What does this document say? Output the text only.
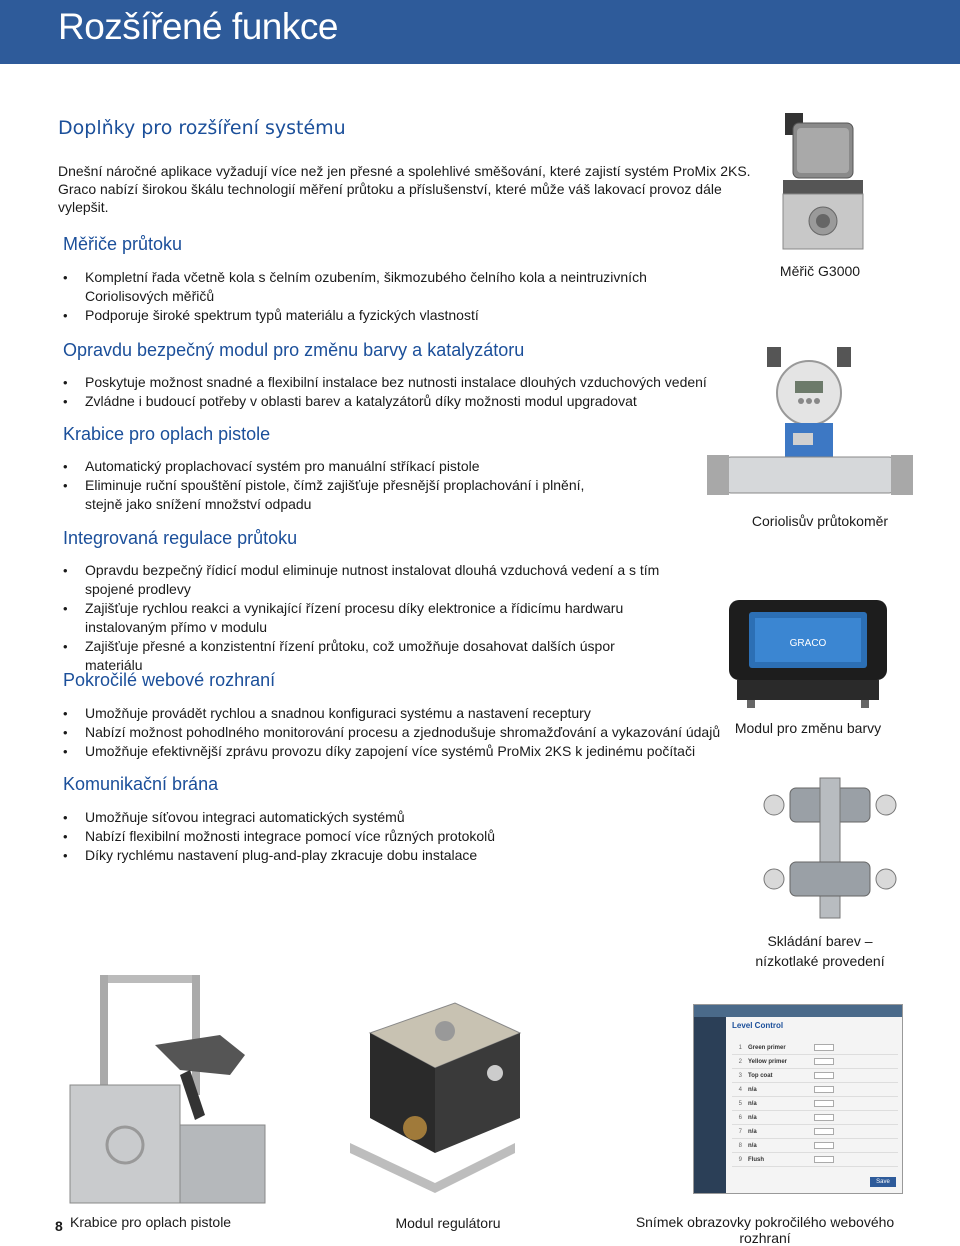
Rozšířené funkce
Doplňky pro rozšíření systému
Dnešní náročné aplikace vyžadují více než jen přesné a spolehlivé směšování, které zajistí systém ProMix 2KS.
Graco nabízí širokou škálu technologií měření průtoku a příslušenství, které může váš lakovací provoz dále vylepšit.
Měřiče průtoku
• Kompletní řada včetně kola s čelním ozubením, šikmozubého čelního kola a neintruzivních Coriolisových měřičů
• Podporuje široké spektrum typů materiálu a fyzických vlastností
Opravdu bezpečný modul pro změnu barvy a katalyzátoru
• Poskytuje možnost snadné a flexibilní instalace bez nutnosti instalace dlouhých vzduchových vedení
• Zvládne i budoucí potřeby v oblasti barev a katalyzátorů díky možnosti modul upgradovat
Krabice pro oplach pistole
• Automatický proplachovací systém pro manuální stříkací pistole
• Eliminuje ruční spouštění pistole, čímž zajišťuje přesnější proplachování i plnění, stejně jako snížení množství odpadu
Integrovaná regulace průtoku
• Opravdu bezpečný řídicí modul eliminuje nutnost instalovat dlouhá vzduchová vedení a s tím spojené prodlevy
• Zajišťuje rychlou reakci a vynikající řízení procesu díky elektronice a řídicímu hardwaru instalovaným přímo v modulu
• Zajišťuje přesné a konzistentní řízení průtoku, což umožňuje dosahovat dalších úspor materiálu
Pokročilé webové rozhraní
• Umožňuje provádět rychlou a snadnou konfiguraci systému a nastavení receptury
• Nabízí možnost pohodlného monitorování procesu a zjednodušuje shromažďování a vykazování údajů
• Umožňuje efektivnější zprávu provozu díky zapojení více systémů ProMix 2KS k jedinému počítači
Komunikační brána
• Umožňuje síťovou integraci automatických systémů
• Nabízí flexibilní možnosti integrace pomocí více různých protokolů
• Díky rychlému nastavení plug-and-play zkracuje dobu instalace
Měřič G3000
Coriolisův průtokoměr
GRACO
Modul pro změnu barvy
Skládání barev –
nízkotlaké provedení
Krabice pro oplach pistole	Modul regulátoru
Level Control
1 Green primer
2 Yellow primer
3 Top coat
4 n/a
5 n/a
6 n/a
7 n/a
8 n/a
9 Flush
Save
Snímek obrazovky pokročilého webového rozhraní
8
